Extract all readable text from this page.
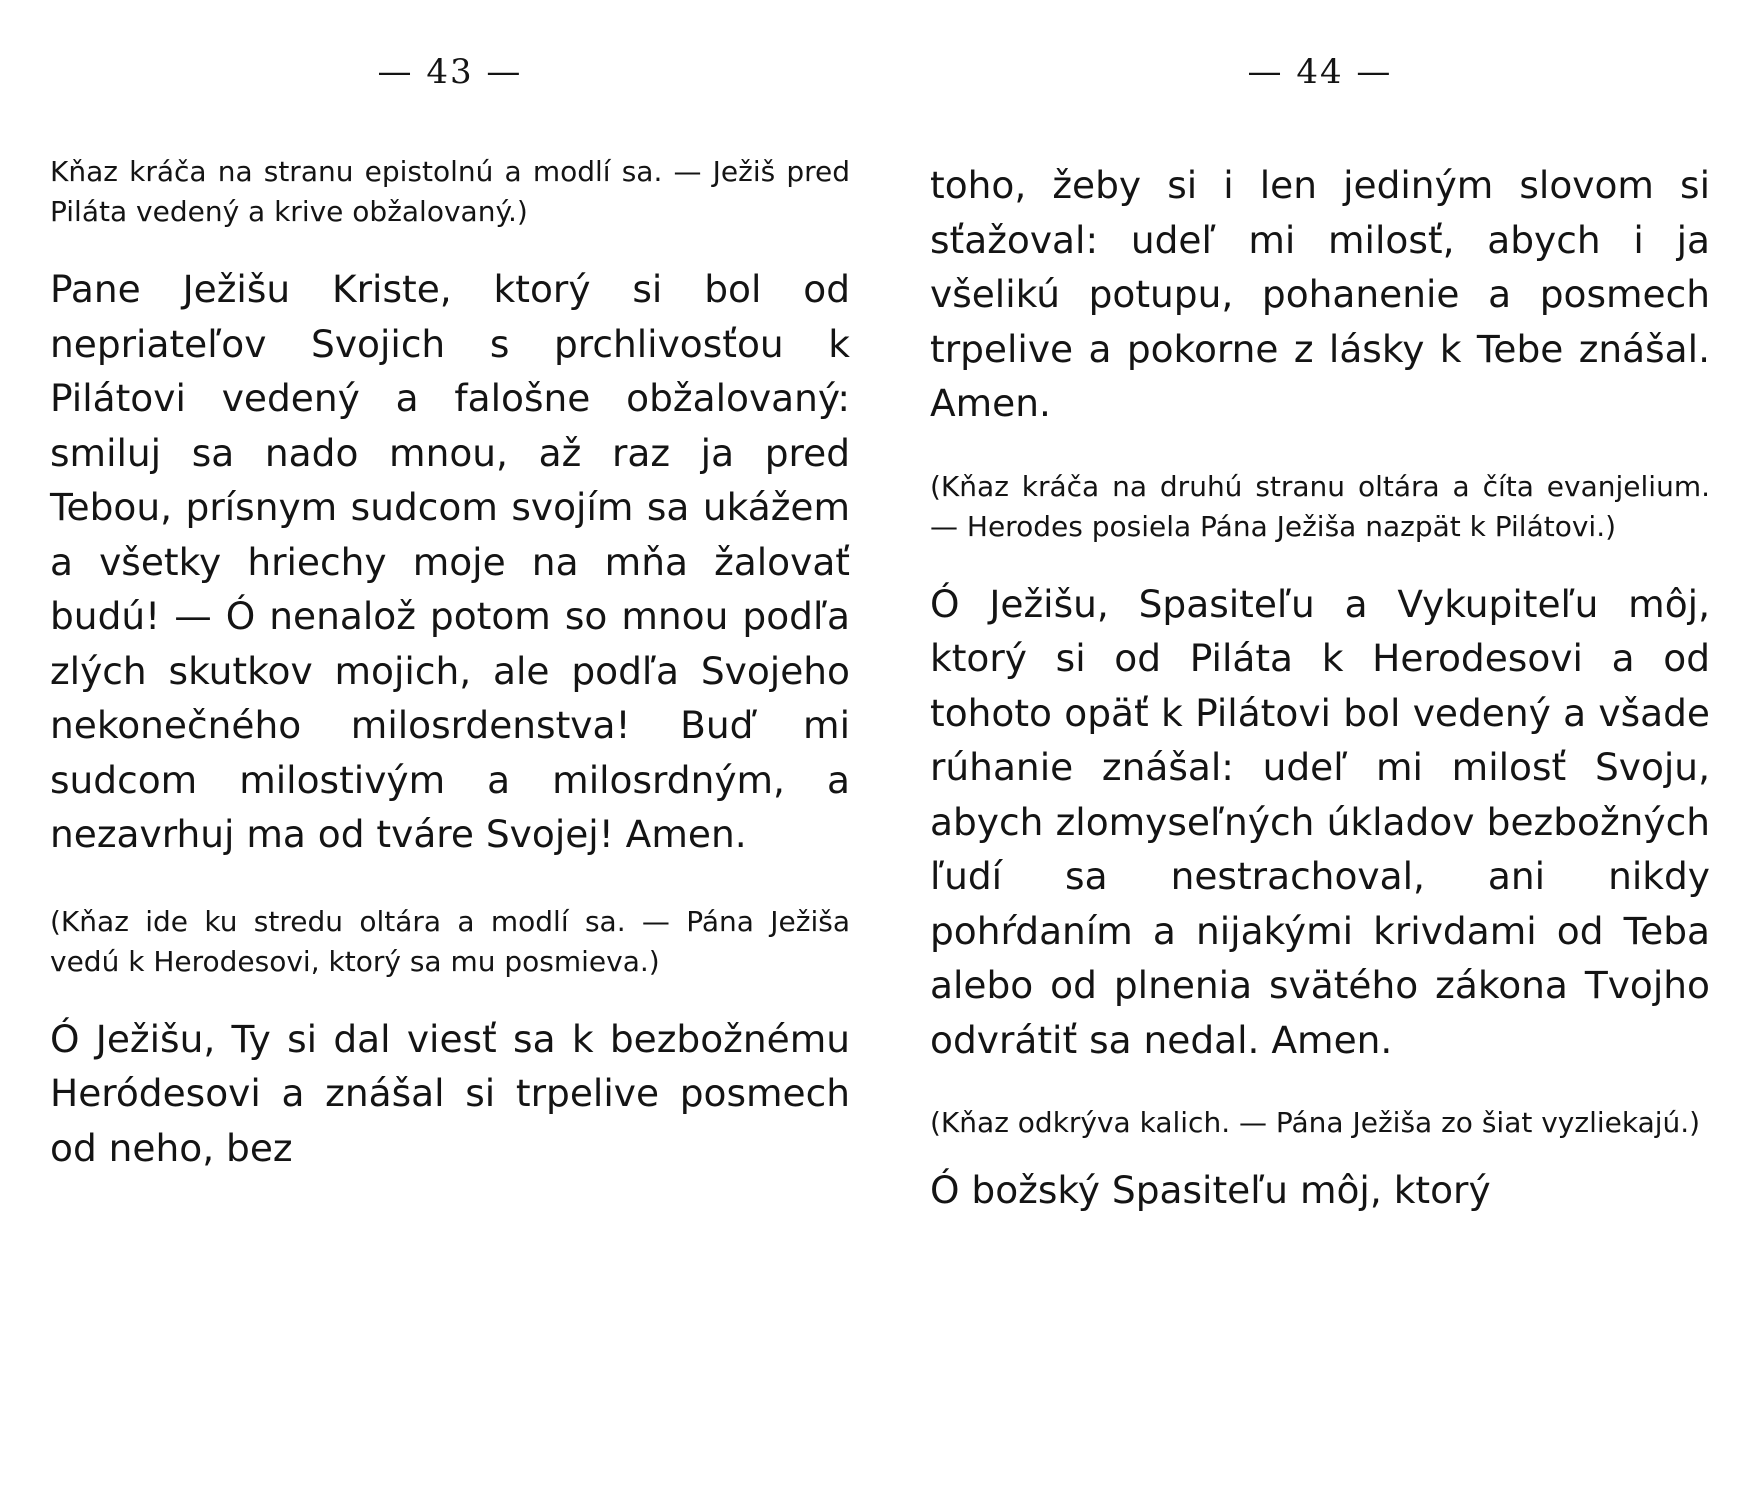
— 43 —

Kňaz kráča na stranu epistolnú a modlí sa. — Ježiš pred Piláta vedený a krive obžalovaný.)

Pane Ježišu Kriste, ktorý si bol od nepriateľov Svojich s prchlivosťou k Pilátovi vedený a falošne obžalovaný: smiluj sa nado mnou, až raz ja pred Tebou, prísnym sudcom svojím sa ukážem a všetky hriechy moje na mňa žalovať budú! — Ó nenalož potom so mnou podľa zlých skutkov mojich, ale podľa Svojeho nekonečného milosrdenstva! Buď mi sudcom milostivým a milosrdným, a nezavrhuj ma od tváre Svojej! Amen.

(Kňaz ide ku stredu oltára a modlí sa. — Pána Ježiša vedú k Herodesovi, ktorý sa mu posmieva.)

Ó Ježišu, Ty si dal viesť sa k bezbožnému Heródesovi a znášal si trpelive posmech od neho, bez

— 44 —

toho, žeby si i len jediným slovom si sťažoval: udeľ mi milosť, abych i ja všelikú potupu, pohanenie a posmech trpelive a pokorne z lásky k Tebe znášal. Amen.

(Kňaz kráča na druhú stranu oltára a číta evanjelium. — Herodes posiela Pána Ježiša nazpät k Pilátovi.)

Ó Ježišu, Spasiteľu a Vykupiteľu môj, ktorý si od Piláta k Herodesovi a od tohoto opäť k Pilátovi bol vedený a všade rúhanie znášal: udeľ mi milosť Svoju, abych zlomyseľných úkladov bezbožných ľudí sa nestrachoval, ani nikdy pohŕdaním a nijakými krivdami od Teba alebo od plnenia svätého zákona Tvojho odvrátiť sa nedal. Amen.

(Kňaz odkrýva kalich. — Pána Ježiša zo šiat vyzliekajú.)

Ó božský Spasiteľu môj, ktorý
